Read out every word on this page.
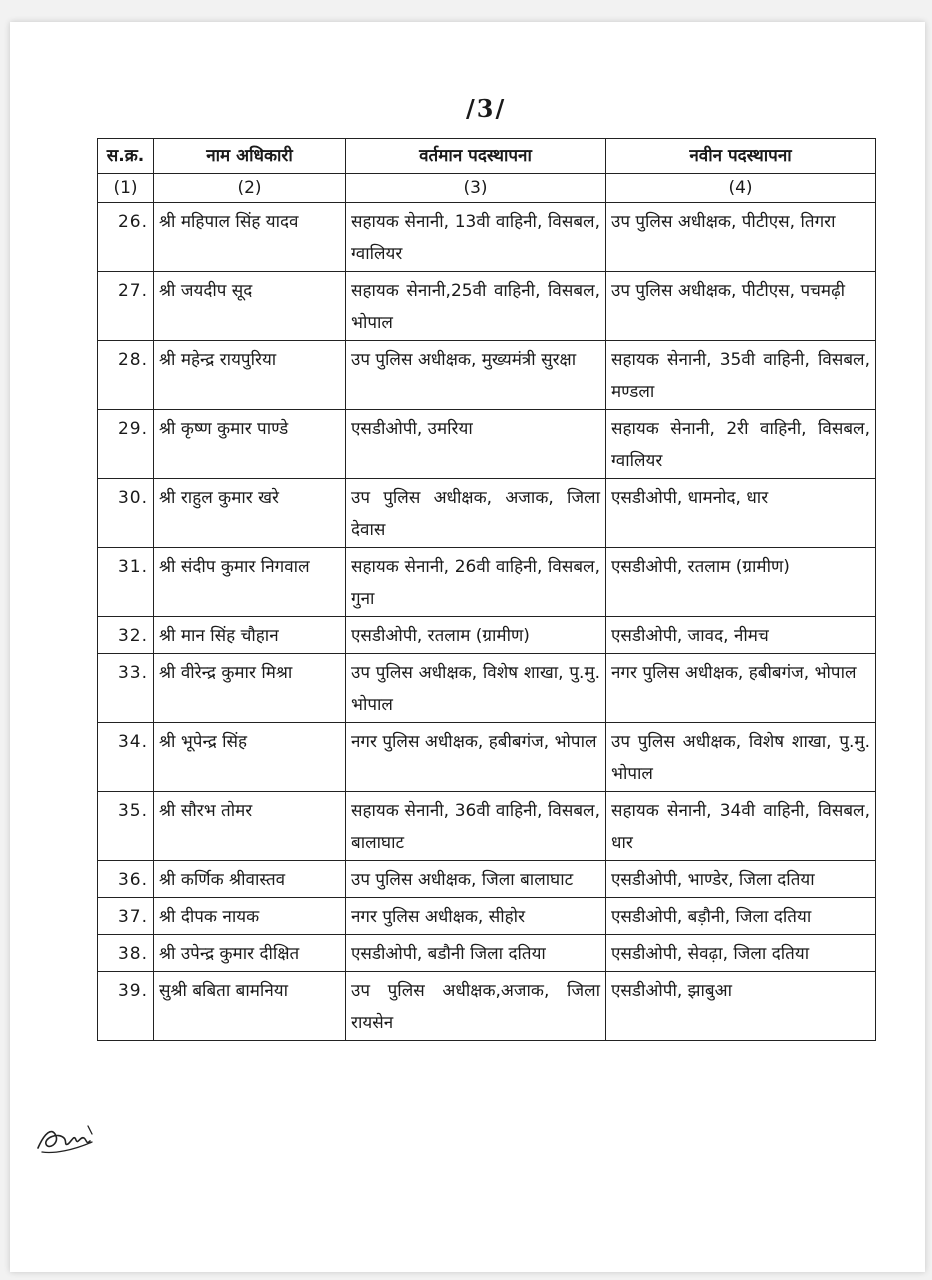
/3/
स.क्र.	नाम अधिकारी	वर्तमान पदस्थापना	नवीन पदस्थापना
(1)	(2)	(3)	(4)
26.	श्री महिपाल सिंह यादव	सहायक सेनानी, 13वी वाहिनी, विसबल, ग्वालियर	उप पुलिस अधीक्षक, पीटीएस, तिगरा
27.	श्री जयदीप सूद	सहायक सेनानी,25वी वाहिनी, विसबल, भोपाल	उप पुलिस अधीक्षक, पीटीएस, पचमढ़ी
28.	श्री महेन्द्र रायपुरिया	उप पुलिस अधीक्षक, मुख्यमंत्री सुरक्षा	सहायक सेनानी, 35वी वाहिनी, विसबल, मण्डला
29.	श्री कृष्ण कुमार पाण्डे	एसडीओपी, उमरिया	सहायक सेनानी, 2री वाहिनी, विसबल, ग्वालियर
30.	श्री राहुल कुमार खरे	उप पुलिस अधीक्षक, अजाक, जिला देवास	एसडीओपी, धामनोद, धार
31.	श्री संदीप कुमार निगवाल	सहायक सेनानी, 26वी वाहिनी, विसबल, गुना	एसडीओपी, रतलाम (ग्रामीण)
32.	श्री मान सिंह चौहान	एसडीओपी, रतलाम (ग्रामीण)	एसडीओपी, जावद, नीमच
33.	श्री वीरेन्द्र कुमार मिश्रा	उप पुलिस अधीक्षक, विशेष शाखा, पु.मु. भोपाल	नगर पुलिस अधीक्षक, हबीबगंज, भोपाल
34.	श्री भूपेन्द्र सिंह	नगर पुलिस अधीक्षक, हबीबगंज, भोपाल	उप पुलिस अधीक्षक, विशेष शाखा, पु.मु. भोपाल
35.	श्री सौरभ तोमर	सहायक सेनानी, 36वी वाहिनी, विसबल, बालाघाट	सहायक सेनानी, 34वी वाहिनी, विसबल, धार
36.	श्री कर्णिक श्रीवास्तव	उप पुलिस अधीक्षक, जिला बालाघाट	एसडीओपी, भाण्डेर, जिला दतिया
37.	श्री दीपक नायक	नगर पुलिस अधीक्षक, सीहोर	एसडीओपी, बड़ौनी, जिला दतिया
38.	श्री उपेन्द्र कुमार दीक्षित	एसडीओपी, बडौनी जिला दतिया	एसडीओपी, सेवढ़ा, जिला दतिया
39.	सुश्री बबिता बामनिया	उप पुलिस अधीक्षक,अजाक, जिला रायसेन	एसडीओपी, झाबुआ
